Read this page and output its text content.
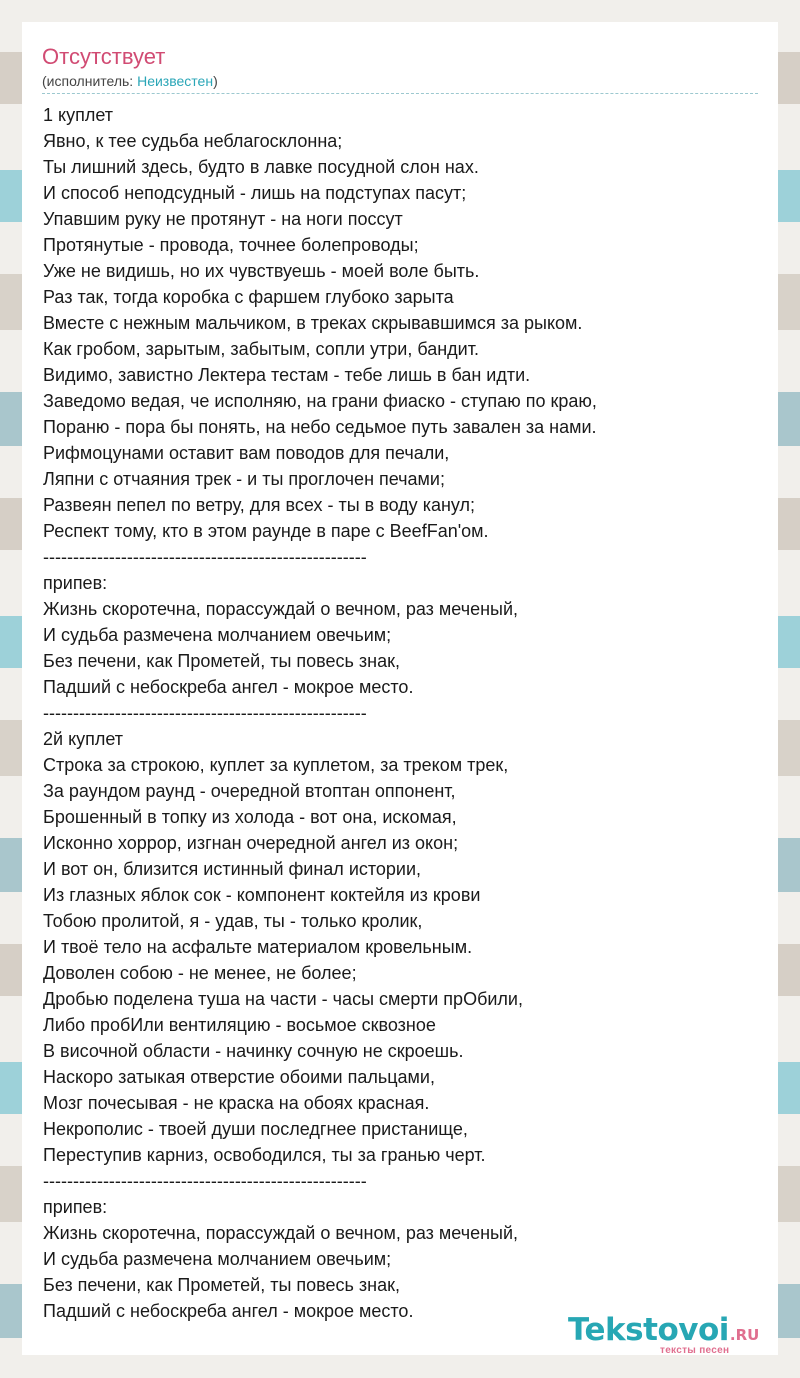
Отсутствует
(исполнитель: Неизвестен)
1 куплет
Явно, к тее судьба неблагосклонна;
Ты лишний здесь, будто в лавке посудной слон нах.
И способ неподсудный - лишь на подступах пасут;
Упавшим руку не протянут - на ноги поссут
Протянутые - провода, точнее болепроводы;
Уже не видишь, но их чувствуешь - моей воле быть.
Раз так, тогда коробка с фаршем глубоко зарыта
Вместе с нежным мальчиком, в треках скрывавшимся за рыком.
Как гробом, зарытым, забытым, сопли утри, бандит.
Видимо, завистно Лектера тестам - тебе лишь в бан идти.
Заведомо ведая, че исполняю, на грани фиаско - ступаю по краю,
Пораню - пора бы понять, на небо седьмое путь завален за нами.
Рифмоцунами оставит вам поводов для печали,
Ляпни с отчаяния трек - и ты проглочен печами;
Развеян пепел по ветру, для всех - ты в воду канул;
Респект тому, кто в этом раунде в паре с BeefFan'ом.
------------------------------------------------------
припев:
Жизнь скоротечна, порассуждай о вечном, раз меченый,
И судьба размечена молчанием овечьим;
Без печени, как Прометей, ты повесь знак,
Падший с небоскреба ангел - мокрое место.
------------------------------------------------------
2й куплет
Строка за строкою, куплет за куплетом, за треком трек,
За раундом раунд - очередной втоптан оппонент,
Брошенный в топку из холода - вот она, искомая,
Исконно хоррор, изгнан очередной ангел из окон;
И вот он, близится истинный финал истории,
Из глазных яблок сок - компонент коктейля из крови
Тобою пролитой, я - удав, ты - только кролик,
И твоё тело на асфальте материалом кровельным.
Доволен собою - не менее, не более;
Дробью поделена туша на части - часы смерти прОбили,
Либо пробИли вентиляцию - восьмое сквозное
В височной области - начинку сочную не скроешь.
Наскоро затыкая отверстие обоими пальцами,
Мозг почесывая - не краска на обоях красная.
Некрополис - твоей души последгнее пристанище,
Переступив карниз, освободился, ты за гранью черт.
------------------------------------------------------
припев:
Жизнь скоротечна, порассуждай о вечном, раз меченый,
И судьба размечена молчанием овечьим;
Без печени, как Прометей, ты повесь знак,
Падший с небоскреба ангел - мокрое место.
Tekstovoi.RU
тексты песен
